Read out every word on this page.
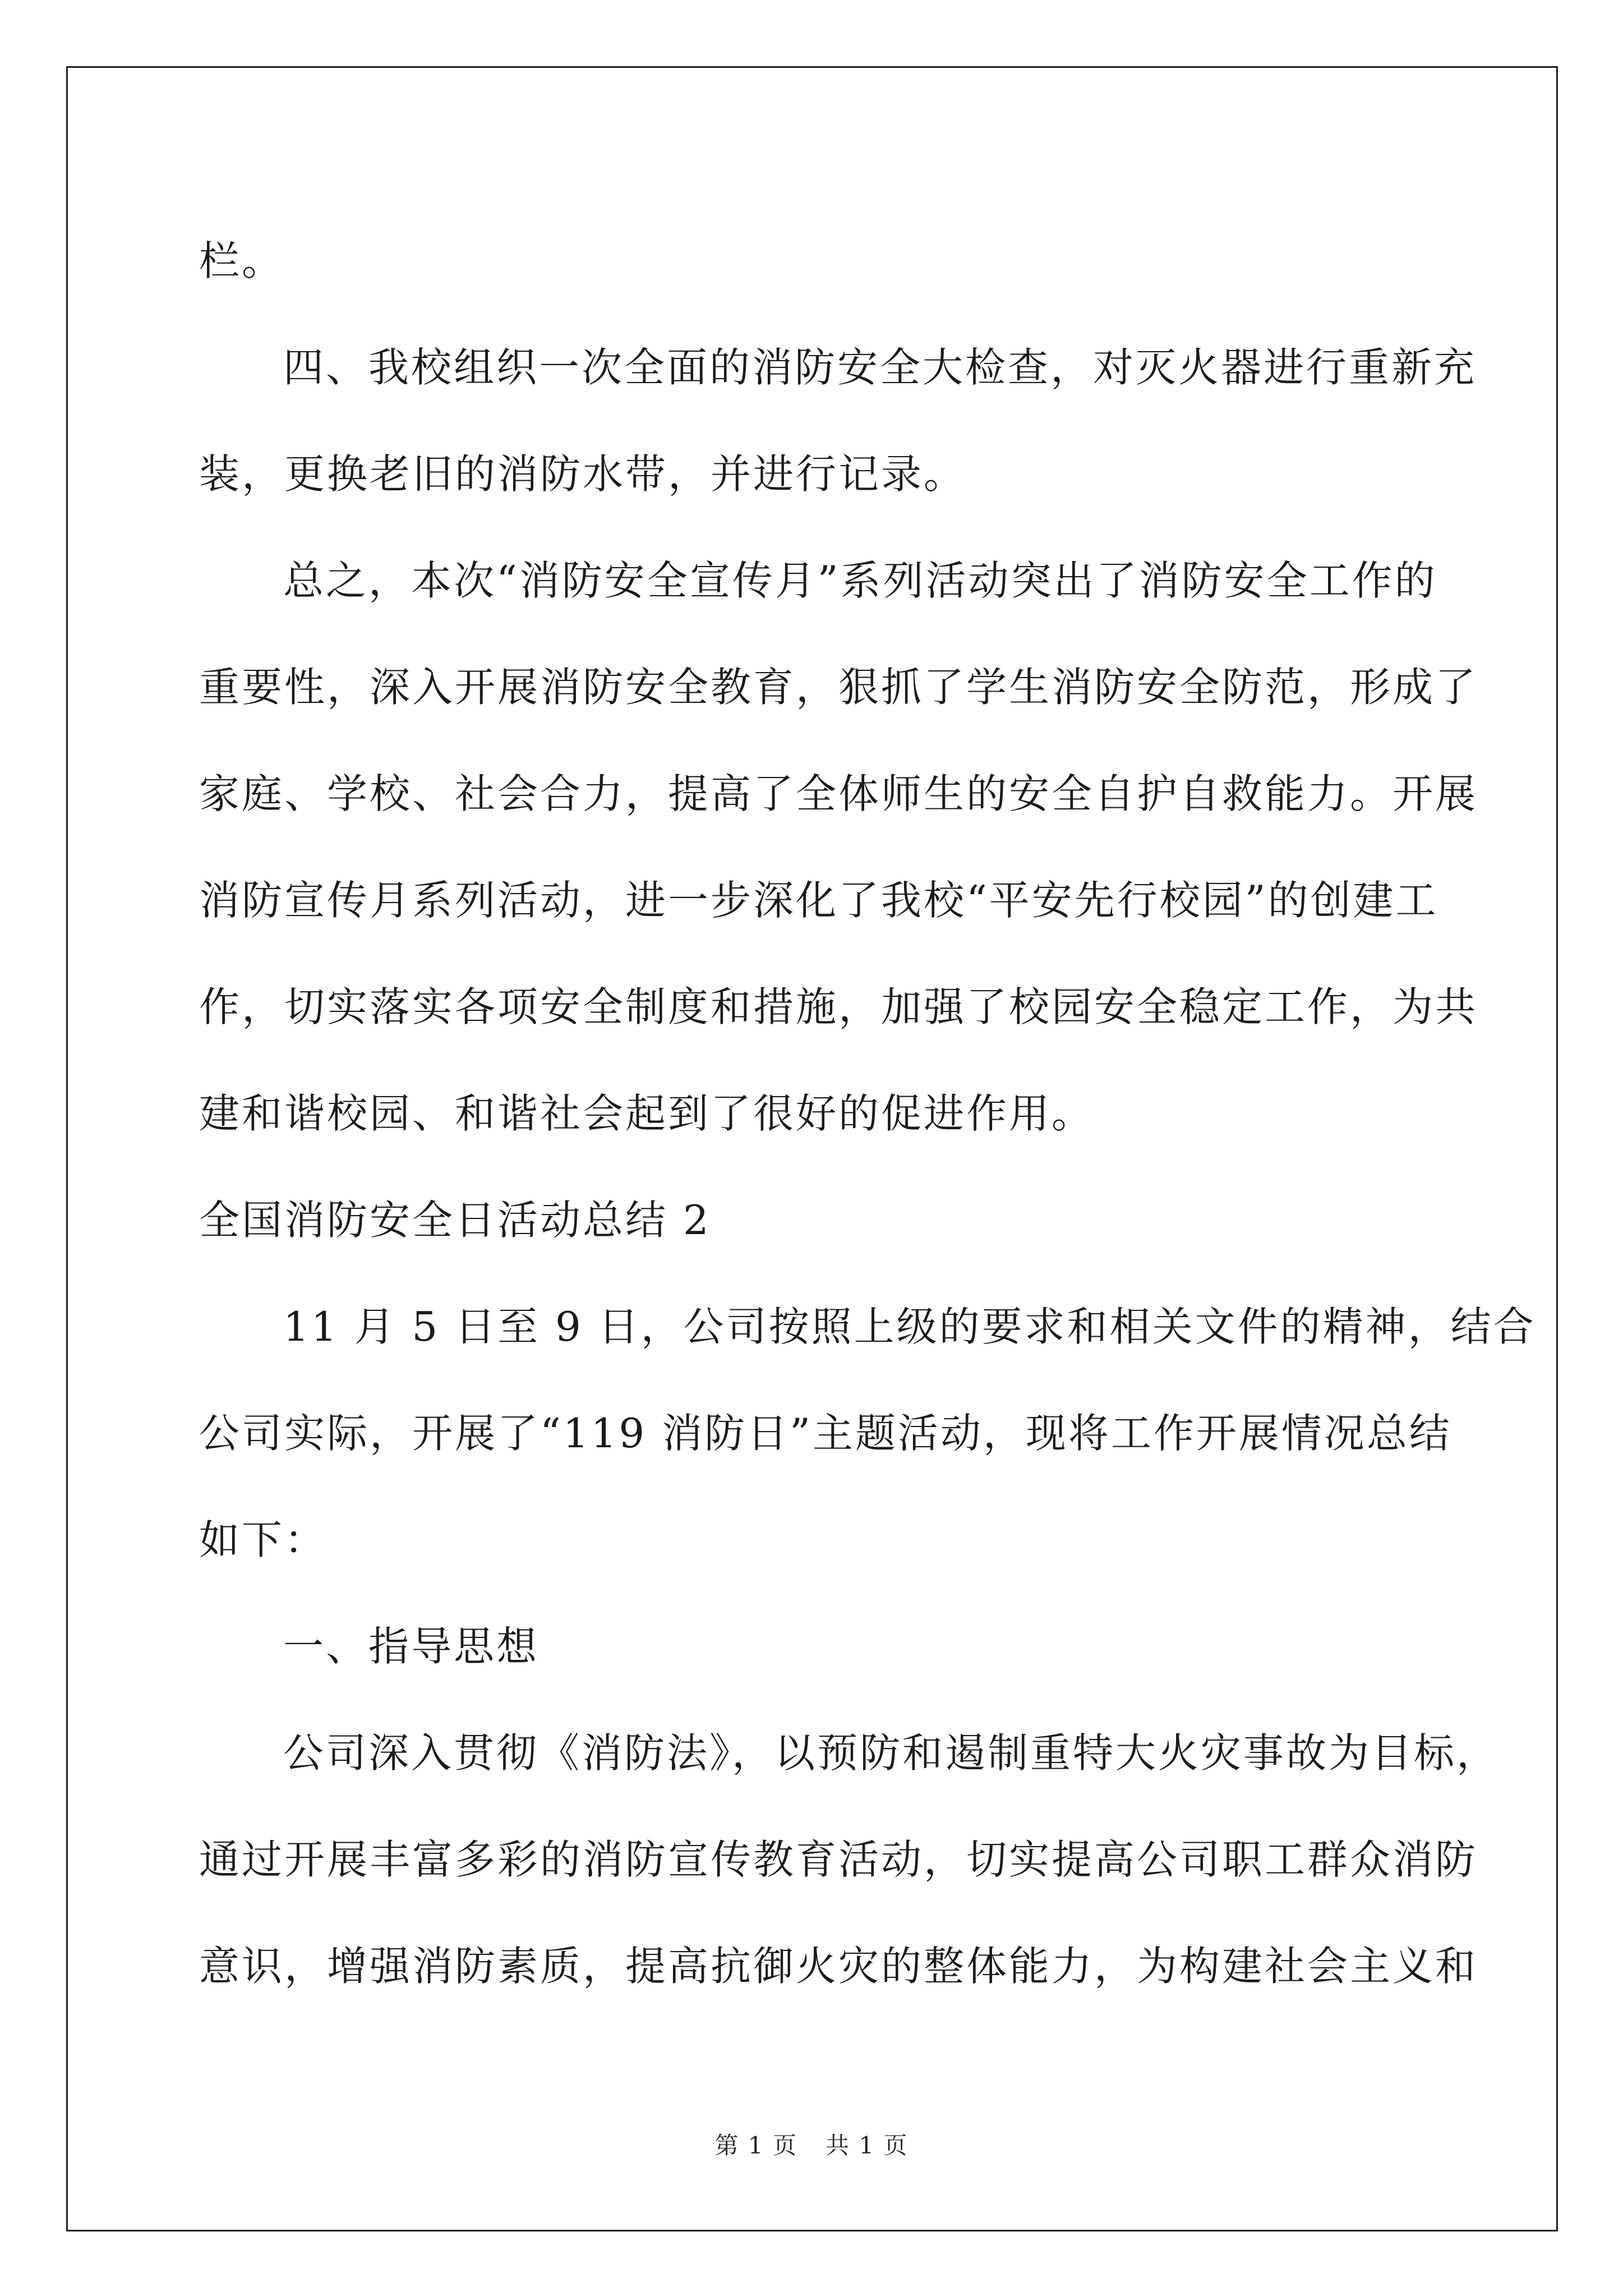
栏。
四、我校组织一次全面的消防安全大检查，对灭火器进行重新充
装，更换老旧的消防水带，并进行记录。
总之，本次“消防安全宣传月”系列活动突出了消防安全工作的
重要性，深入开展消防安全教育，狠抓了学生消防安全防范，形成了
家庭、学校、社会合力，提高了全体师生的安全自护自救能力。开展
消防宣传月系列活动，进一步深化了我校“平安先行校园”的创建工
作，切实落实各项安全制度和措施，加强了校园安全稳定工作，为共
建和谐校园、和谐社会起到了很好的促进作用。
全国消防安全日活动总结 2
11 月 5 日至 9 日，公司按照上级的要求和相关文件的精神，结合
公司实际，开展了“119 消防日”主题活动，现将工作开展情况总结
如下：
一、指导思想
公司深入贯彻《消防法》，以预防和遏制重特大火灾事故为目标，
通过开展丰富多彩的消防宣传教育活动，切实提高公司职工群众消防
意识，增强消防素质，提高抗御火灾的整体能力，为构建社会主义和
第 1 页 共 1 页
